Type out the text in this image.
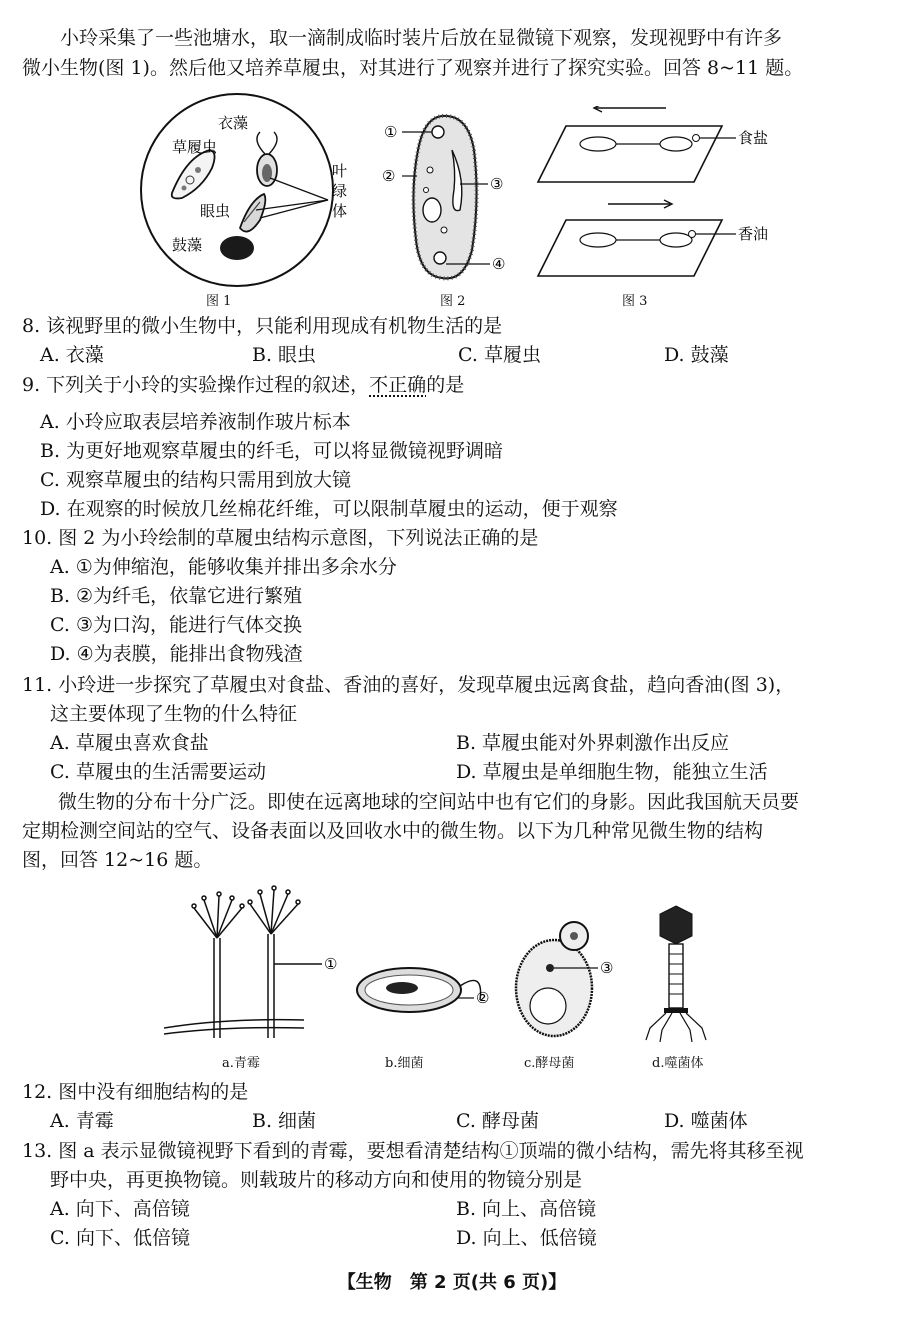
小玲采集了一些池塘水，取一滴制成临时装片后放在显微镜下观察，发现视野中有许多
微小生物(图 1)。然后他又培养草履虫，对其进行了观察并进行了探究实验。回答 8~11 题。
草履虫
衣藻
眼虫
鼓藻
叶
绿
体
图 1
①
②	③
④
图 2
食盐
香油
图 3
8. 该视野里的微小生物中，只能利用现成有机物生活的是
A. 衣藻	B. 眼虫	C. 草履虫	D. 鼓藻
9. 下列关于小玲的实验操作过程的叙述，不正确的是
A. 小玲应取表层培养液制作玻片标本
B. 为更好地观察草履虫的纤毛，可以将显微镜视野调暗
C. 观察草履虫的结构只需用到放大镜
D. 在观察的时候放几丝棉花纤维，可以限制草履虫的运动，便于观察
10. 图 2 为小玲绘制的草履虫结构示意图，下列说法正确的是
A. ①为伸缩泡，能够收集并排出多余水分
B. ②为纤毛，依靠它进行繁殖
C. ③为口沟，能进行气体交换
D. ④为表膜，能排出食物残渣
11. 小玲进一步探究了草履虫对食盐、香油的喜好，发现草履虫远离食盐，趋向香油(图 3)，
这主要体现了生物的什么特征
A. 草履虫喜欢食盐	B. 草履虫能对外界刺激作出反应
C. 草履虫的生活需要运动	D. 草履虫是单细胞生物，能独立生活
微生物的分布十分广泛。即使在远离地球的空间站中也有它们的身影。因此我国航天员要
定期检测空间站的空气、设备表面以及回收水中的微生物。以下为几种常见微生物的结构
图，回答 12~16 题。
①
②
③
a.青霉	b.细菌	c.酵母菌	d.噬菌体
12. 图中没有细胞结构的是
A. 青霉	B. 细菌	C. 酵母菌	D. 噬菌体
13. 图 a 表示显微镜视野下看到的青霉，要想看清楚结构①顶端的微小结构，需先将其移至视
野中央，再更换物镜。则载玻片的移动方向和使用的物镜分别是
A. 向下、高倍镜	B. 向上、高倍镜
C. 向下、低倍镜	D. 向上、低倍镜
【生物　第 2 页(共 6 页)】
